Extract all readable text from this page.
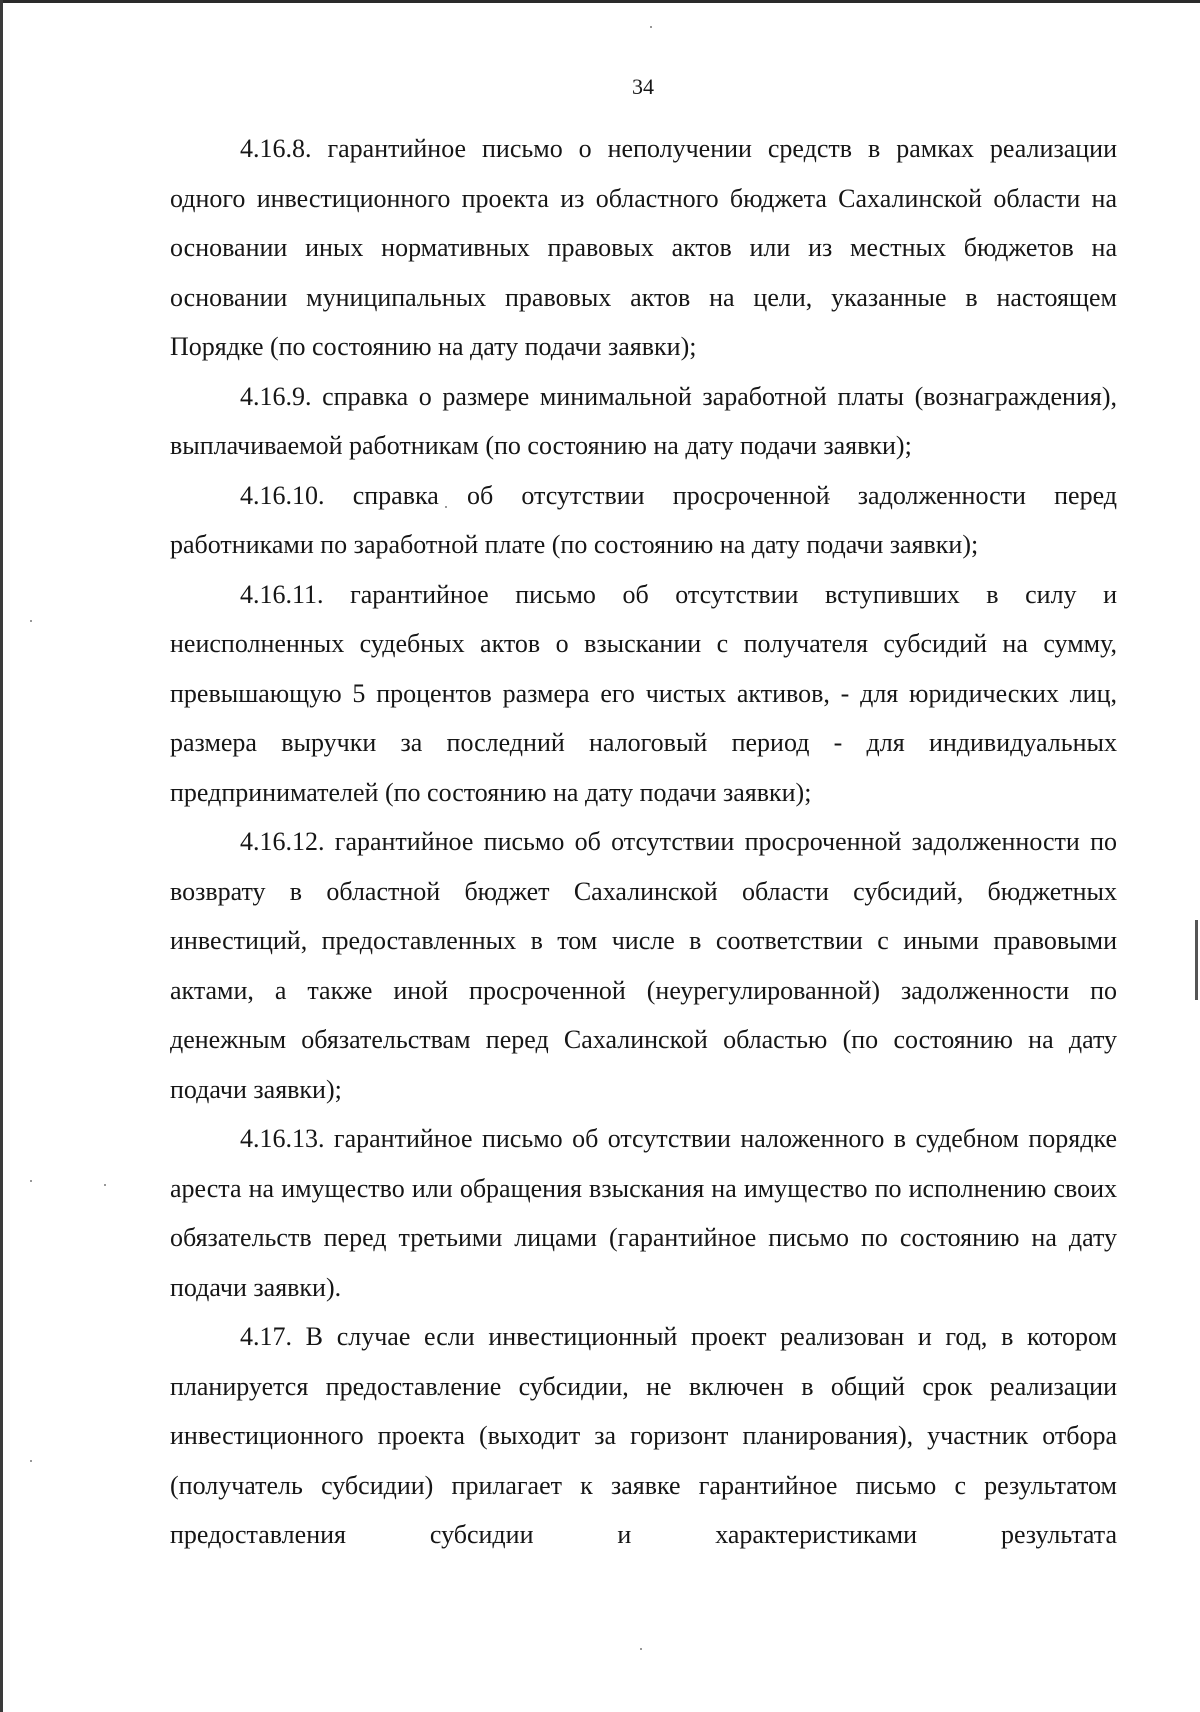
34

4.16.8. гарантийное письмо о неполучении средств в рамках реализации одного инвестиционного проекта из областного бюджета Сахалинской области на основании иных нормативных правовых актов или из местных бюджетов на основании муниципальных правовых актов на цели, указанные в настоящем Порядке (по состоянию на дату подачи заявки);

4.16.9. справка о размере минимальной заработной платы (вознаграждения), выплачиваемой работникам (по состоянию на дату подачи заявки);

4.16.10. справка об отсутствии просроченной задолженности перед работниками по заработной плате (по состоянию на дату подачи заявки);

4.16.11. гарантийное письмо об отсутствии вступивших в силу и неисполненных судебных актов о взыскании с получателя субсидий на сумму, превышающую 5 процентов размера его чистых активов, - для юридических лиц, размера выручки за последний налоговый период - для индивидуальных предпринимателей (по состоянию на дату подачи заявки);

4.16.12. гарантийное письмо об отсутствии просроченной задолженности по возврату в областной бюджет Сахалинской области субсидий, бюджетных инвестиций, предоставленных в том числе в соответствии с иными правовыми актами, а также иной просроченной (неурегулированной) задолженности по денежным обязательствам перед Сахалинской областью (по состоянию на дату подачи заявки);

4.16.13. гарантийное письмо об отсутствии наложенного в судебном порядке ареста на имущество или обращения взыскания на имущество по исполнению своих обязательств перед третьими лицами (гарантийное письмо по состоянию на дату подачи заявки).

4.17. В случае если инвестиционный проект реализован и год, в котором планируется предоставление субсидии, не включен в общий срок реализации инвестиционного проекта (выходит за горизонт планирования), участник отбора (получатель субсидии) прилагает к заявке гарантийное письмо с результатом предоставления субсидии и характеристиками результата
